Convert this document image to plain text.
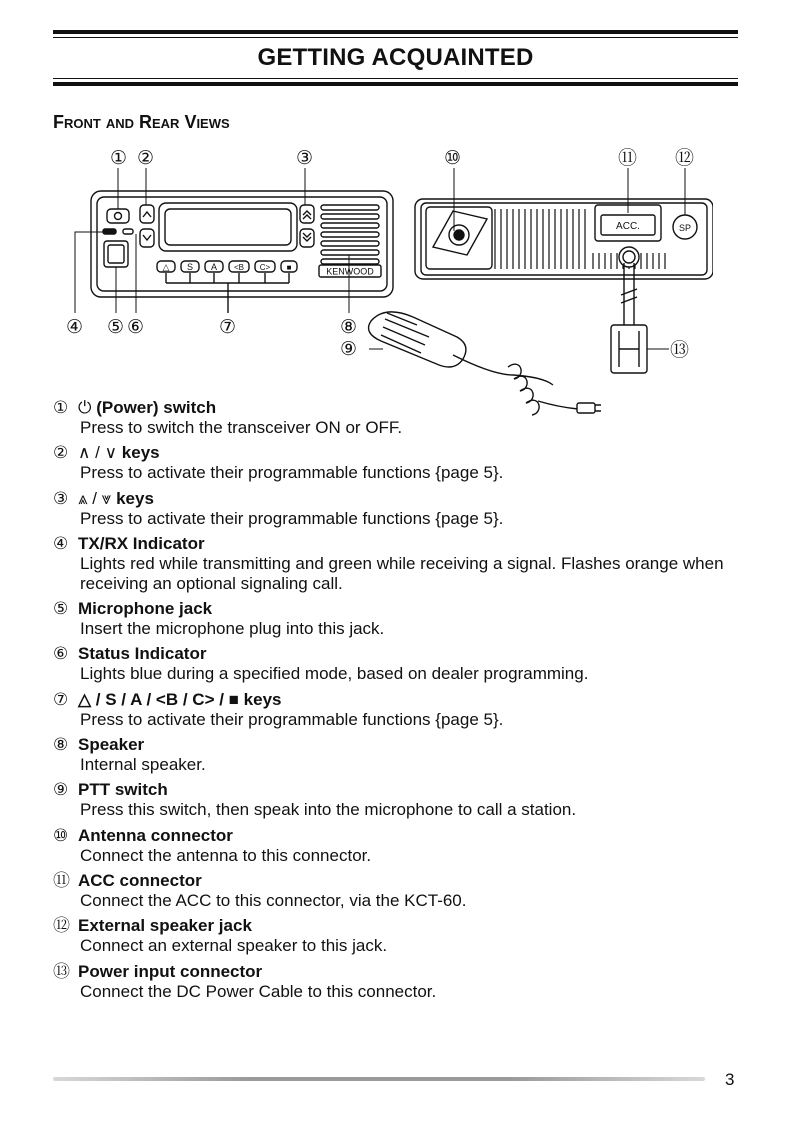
GETTING ACQUAINTED
Front and Rear Views
KENWOOD
△ S A <B C> ■
ACC.	SP
① ②	③
④ ⑤ ⑥	⑦	⑧
⑨
⑩	⑪ ⑫
⑬
① ⏻ (Power) switch
Press to switch the transceiver ON or OFF.
② ∧ / ∨ keys
Press to activate their programmable functions {page 5}.
③ ⩓ / ⩔ keys
Press to activate their programmable functions {page 5}.
④ TX/RX Indicator
Lights red while transmitting and green while receiving a signal. Flashes orange when receiving an optional signaling call.
⑤ Microphone jack
Insert the microphone plug into this jack.
⑥ Status Indicator
Lights blue during a specified mode, based on dealer programming.
⑦ △ / S / A / <B / C> / ■ keys
Press to activate their programmable functions {page 5}.
⑧ Speaker
Internal speaker.
⑨ PTT switch
Press this switch, then speak into the microphone to call a station.
⑩ Antenna connector
Connect the antenna to this connector.
⑪ ACC connector
Connect the ACC to this connector, via the KCT-60.
⑫ External speaker jack
Connect an external speaker to this jack.
⑬ Power input connector
Connect the DC Power Cable to this connector.
3
